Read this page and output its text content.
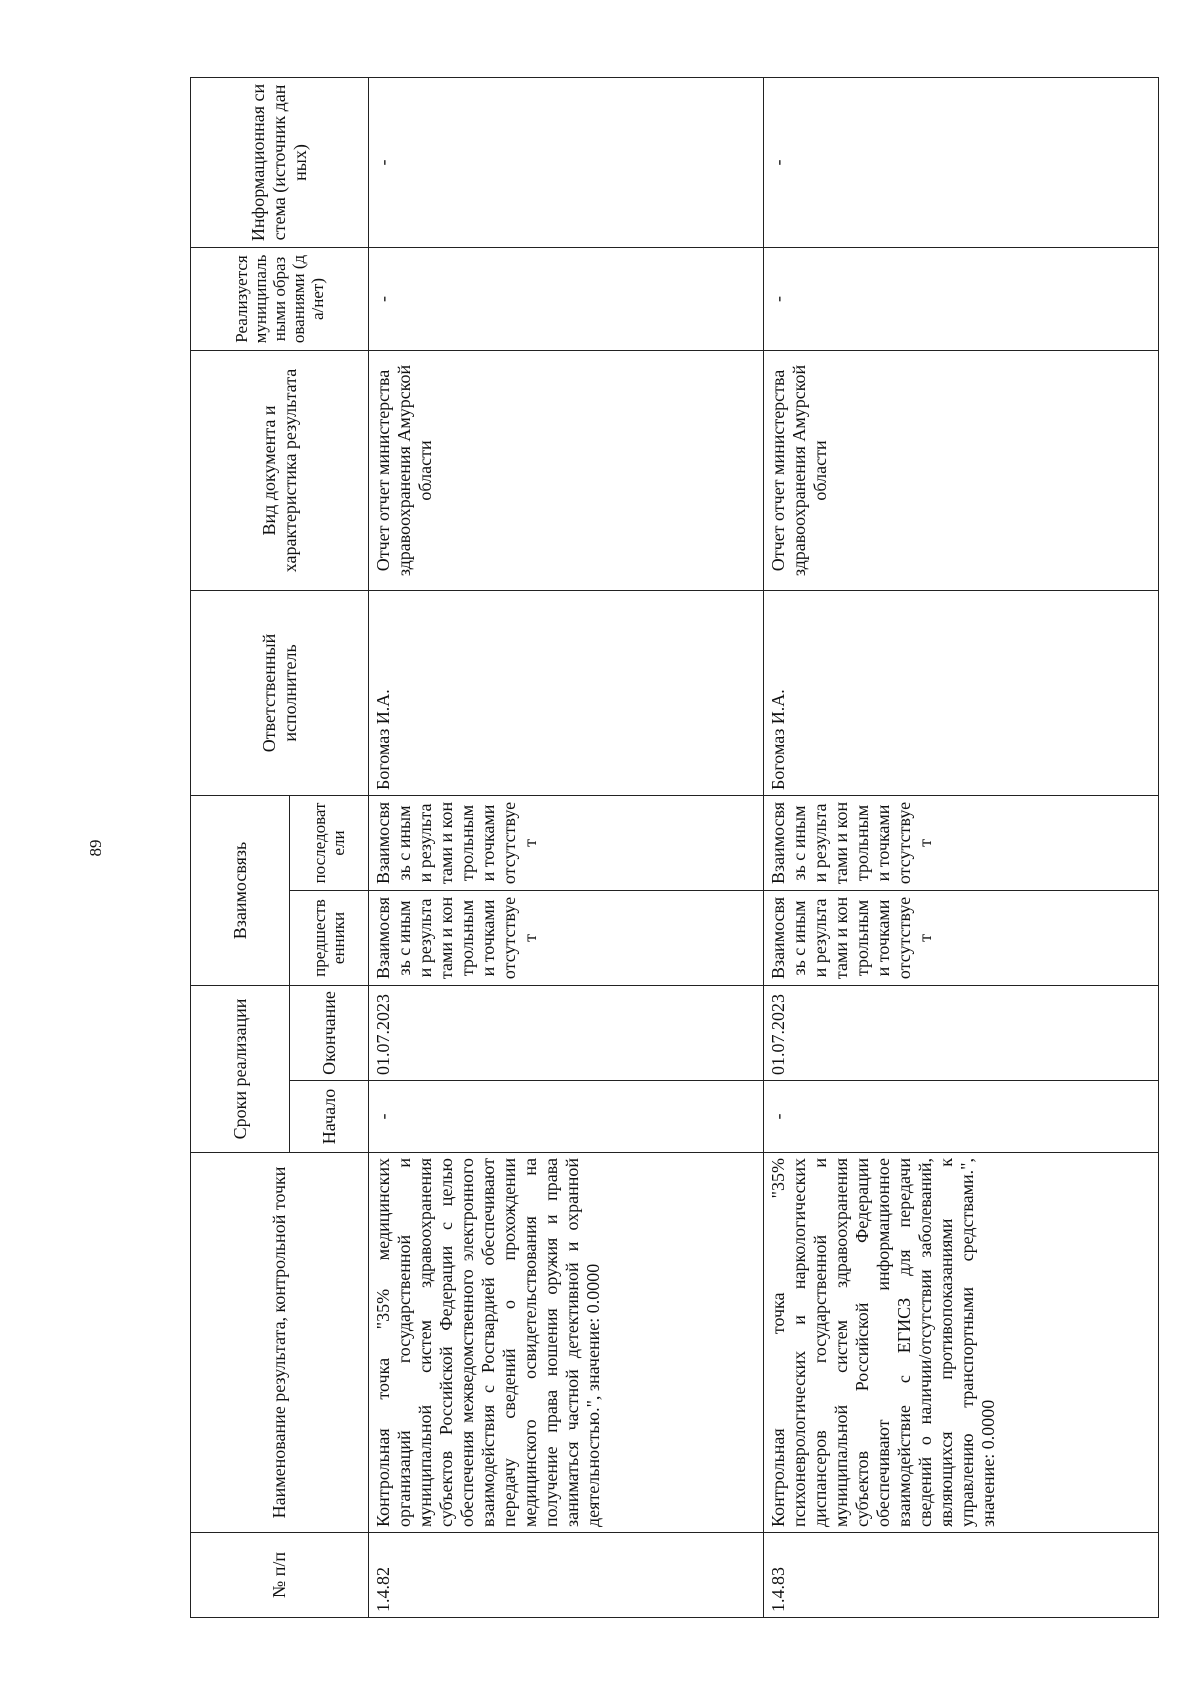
89
№ п/п	Наименование результата, контрольной точки	Сроки реализации		Взаимосвязь		Ответственный исполнитель	Вид документа и характеристика результата	Реализуется муниципальными образованиями (да/нет)	Информационная система (источник данных)
		Начало	Окончание	предшественники	последователи				
1.4.82	Контрольная точка "35% медицинских организаций государственной и муниципальной систем здравоохранения субъектов Российской Федерации с целью обеспечения межведомственного электронного взаимодействия с Росгвардией обеспечивают передачу сведений о прохождении медицинского освидетельствования на получение права ношения оружия и права заниматься частной детективной и охранной деятельностью.", значение: 0.0000	-	01.07.2023	Взаимосвязь с иными результатами и контрольными точками отсутствует	Взаимосвязь с иными результатами и контрольными точками отсутствует	Богомаз И.А.	Отчет отчет министерства здравоохранения Амурской области	-	-
1.4.83	Контрольная точка "35% психоневрологических и наркологических диспансеров государственной и муниципальной систем здравоохранения субъектов Российской Федерации обеспечивают информационное взаимодействие с ЕГИСЗ для передачи сведений о наличии/отсутствии заболеваний, являющихся противопоказаниями к управлению транспортными средствами.", значение: 0.0000	-	01.07.2023	Взаимосвязь с иными результатами и контрольными точками отсутствует	Взаимосвязь с иными результатами и контрольными точками отсутствует	Богомаз И.А.	Отчет отчет министерства здравоохранения Амурской области	-	-
